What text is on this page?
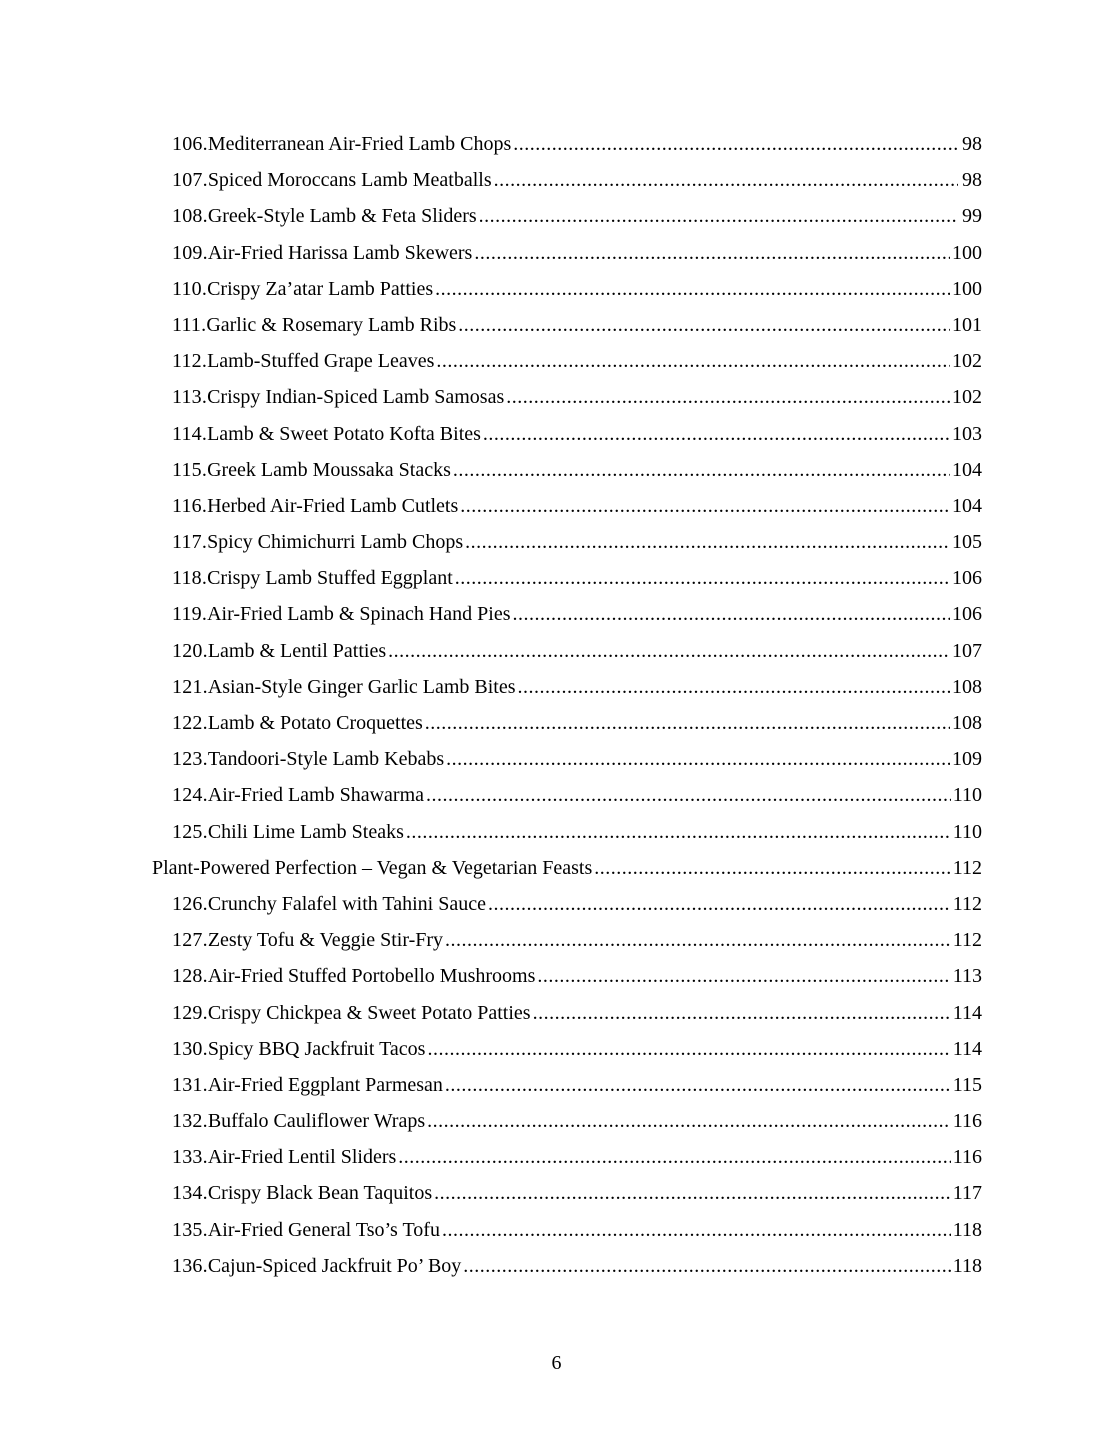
106. Mediterranean Air-Fried Lamb Chops .....	98
107. Spiced Moroccans Lamb Meatballs .....	98
108. Greek-Style Lamb & Feta Sliders .....	99
109. Air-Fried Harissa Lamb Skewers .....	100
110. Crispy Za’atar Lamb Patties .....	100
111. Garlic & Rosemary Lamb Ribs .....	101
112. Lamb-Stuffed Grape Leaves .....	102
113. Crispy Indian-Spiced Lamb Samosas .....	102
114. Lamb & Sweet Potato Kofta Bites .....	103
115. Greek Lamb Moussaka Stacks .....	104
116. Herbed Air-Fried Lamb Cutlets .....	104
117. Spicy Chimichurri Lamb Chops .....	105
118. Crispy Lamb Stuffed Eggplant .....	106
119. Air-Fried Lamb & Spinach Hand Pies .....	106
120. Lamb & Lentil Patties .....	107
121. Asian-Style Ginger Garlic Lamb Bites .....	108
122. Lamb & Potato Croquettes .....	108
123. Tandoori-Style Lamb Kebabs .....	109
124. Air-Fried Lamb Shawarma .....	110
125. Chili Lime Lamb Steaks .....	110
Plant-Powered Perfection – Vegan & Vegetarian Feasts .....	112
126. Crunchy Falafel with Tahini Sauce .....	112
127. Zesty Tofu & Veggie Stir-Fry .....	112
128. Air-Fried Stuffed Portobello Mushrooms .....	113
129. Crispy Chickpea & Sweet Potato Patties .....	114
130. Spicy BBQ Jackfruit Tacos .....	114
131. Air-Fried Eggplant Parmesan .....	115
132. Buffalo Cauliflower Wraps .....	116
133. Air-Fried Lentil Sliders .....	116
134. Crispy Black Bean Taquitos .....	117
135. Air-Fried General Tso’s Tofu .....	118
136. Cajun-Spiced Jackfruit Po’ Boy .....	118
6
